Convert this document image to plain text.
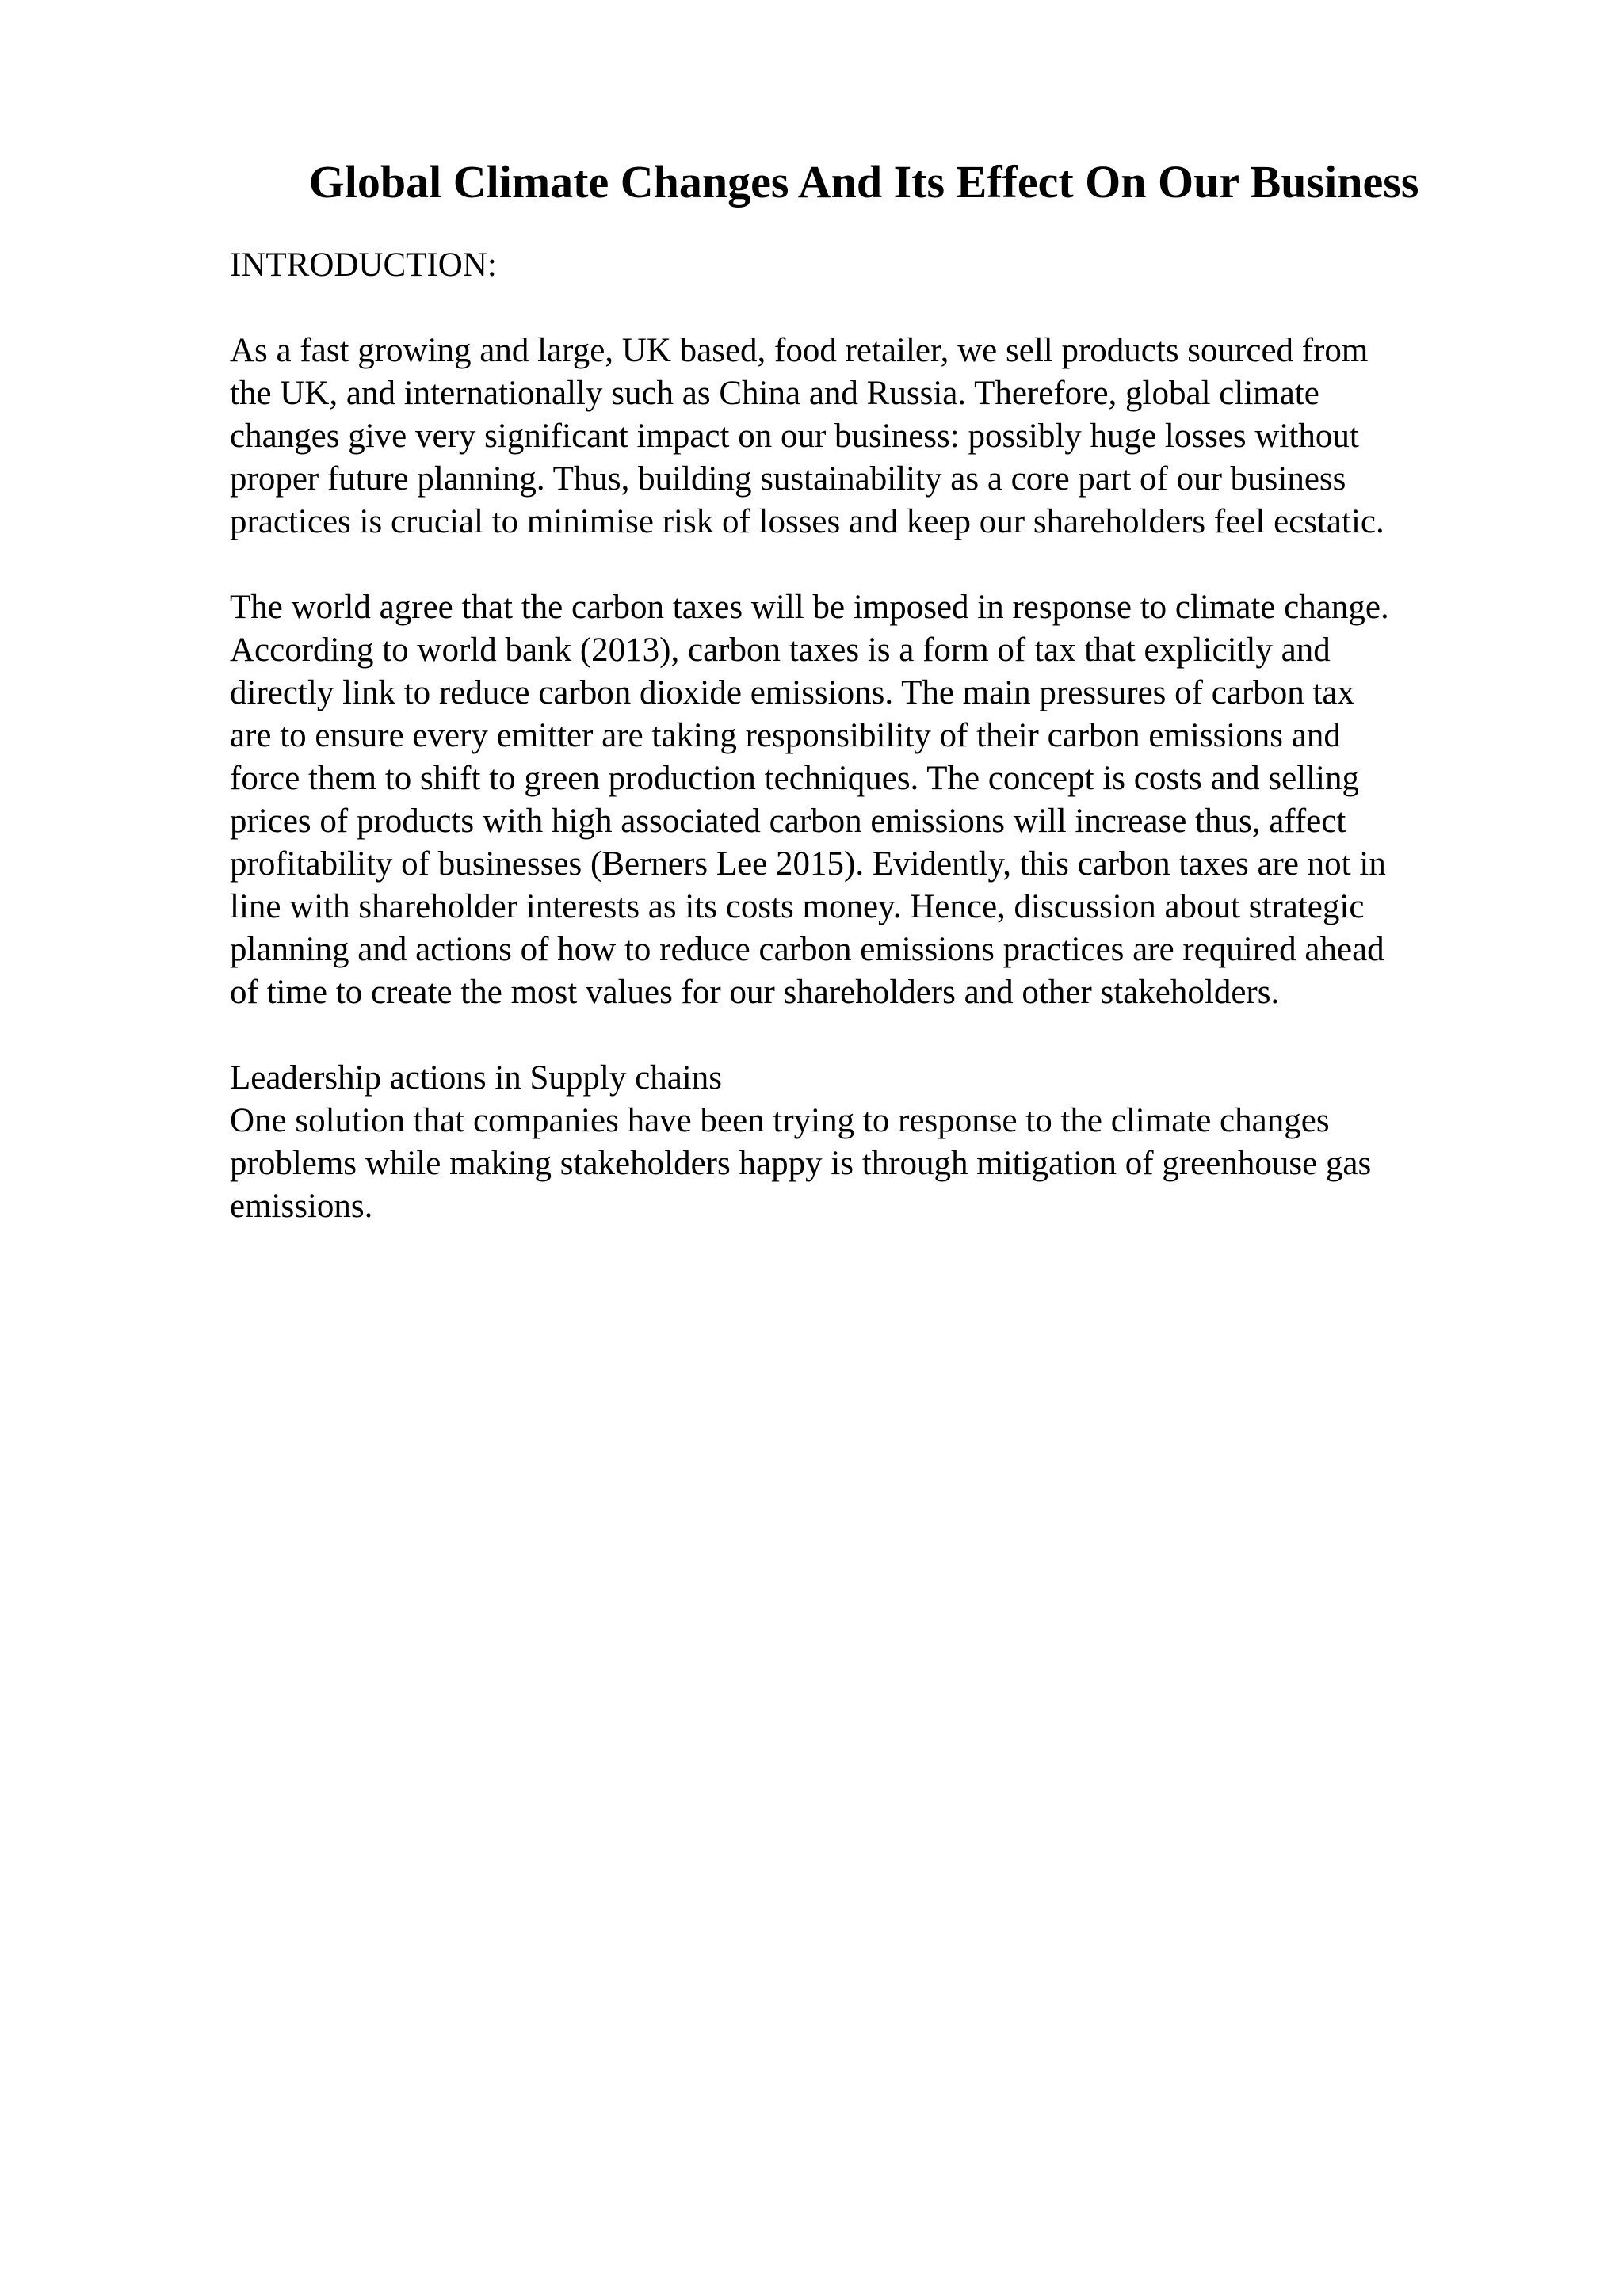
Global Climate Changes And Its Effect On Our Business

INTRODUCTION:

As a fast growing and large, UK based, food retailer, we sell products sourced from

the UK, and internationally such as China and Russia. Therefore, global climate

changes give very significant impact on our business: possibly huge losses without

proper future planning. Thus, building sustainability as a core part of our business

practices is crucial to minimise risk of losses and keep our shareholders feel ecstatic.

The world agree that the carbon taxes will be imposed in response to climate change.

According to world bank (2013), carbon taxes is a form of tax that explicitly and

directly link to reduce carbon dioxide emissions. The main pressures of carbon tax

are to ensure every emitter are taking responsibility of their carbon emissions and

force them to shift to green production techniques. The concept is costs and selling

prices of products with high associated carbon emissions will increase thus, affect

profitability of businesses (Berners Lee 2015). Evidently, this carbon taxes are not in

line with shareholder interests as its costs money. Hence, discussion about strategic

planning and actions of how to reduce carbon emissions practices are required ahead

of time to create the most values for our shareholders and other stakeholders.

Leadership actions in Supply chains

One solution that companies have been trying to response to the climate changes

problems while making stakeholders happy is through mitigation of greenhouse gas

emissions.
